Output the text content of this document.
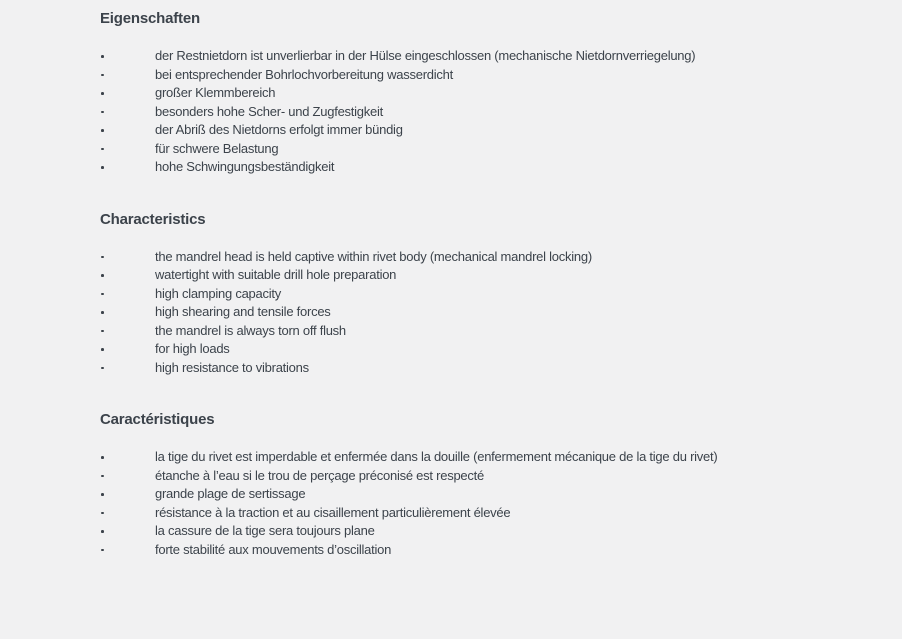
Eigenschaften
der Restnietdorn ist unverlierbar in der Hülse eingeschlossen (mechanische Nietdornverriegelung)
bei entsprechender Bohrlochvorbereitung wasserdicht
großer Klemmbereich
besonders hohe Scher- und Zugfestigkeit
der Abriß des Nietdorns erfolgt immer bündig
für schwere Belastung
hohe Schwingungsbeständigkeit
Characteristics
the mandrel head is held captive within rivet body (mechanical mandrel locking)
watertight with suitable drill hole preparation
high clamping capacity
high shearing and tensile forces
the mandrel is always torn off flush
for high loads
high resistance to vibrations
Caractéristiques
la tige du rivet est imperdable et enfermée dans la douille (enfermement mécanique de la tige du rivet)
étanche à l’eau si le trou de perçage préconisé est respecté
grande plage de sertissage
résistance à la traction et au cisaillement particulièrement élevée
la cassure de la tige sera toujours plane
forte stabilité aux mouvements d’oscillation
